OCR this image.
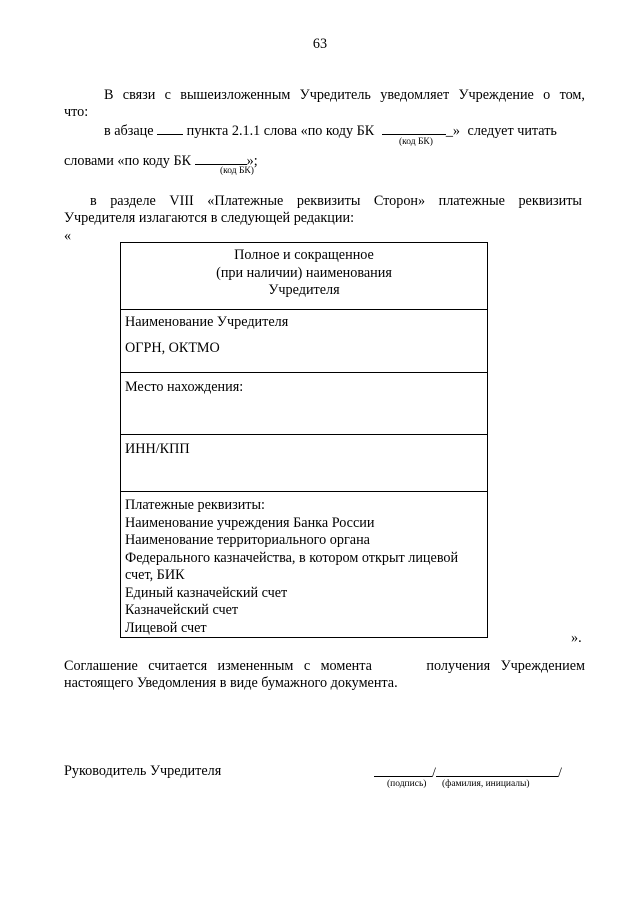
63
В связи с вышеизложенным Учредитель уведомляет Учреждение о том,
что:
в абзаце пункта 2.1.1 слова «по коду БК	_» следует читать
(код БК)
словами «по коду БК	»;
(код БК)
в разделе VIII «Платежные реквизиты Сторон» платежные реквизиты
Учредителя излагаются в следующей редакции:
«
Полное и сокращенное
(при наличии) наименования
Учредителя

Наименование Учредителя
ОГРН, ОКТМО

Место нахождения:

ИНН/КПП

Платежные реквизиты:
Наименование учреждения Банка России
Наименование территориального органа
Федерального казначейства, в котором открыт лицевой
счет, БИК
Единый казначейский счет
Казначейский счет
Лицевой счет
».
Соглашение считается измененным с момента	получения Учреждением
настоящего Уведомления в виде бумажного документа.
Руководитель Учредителя	/	/
(подпись) (фамилия, инициалы)
